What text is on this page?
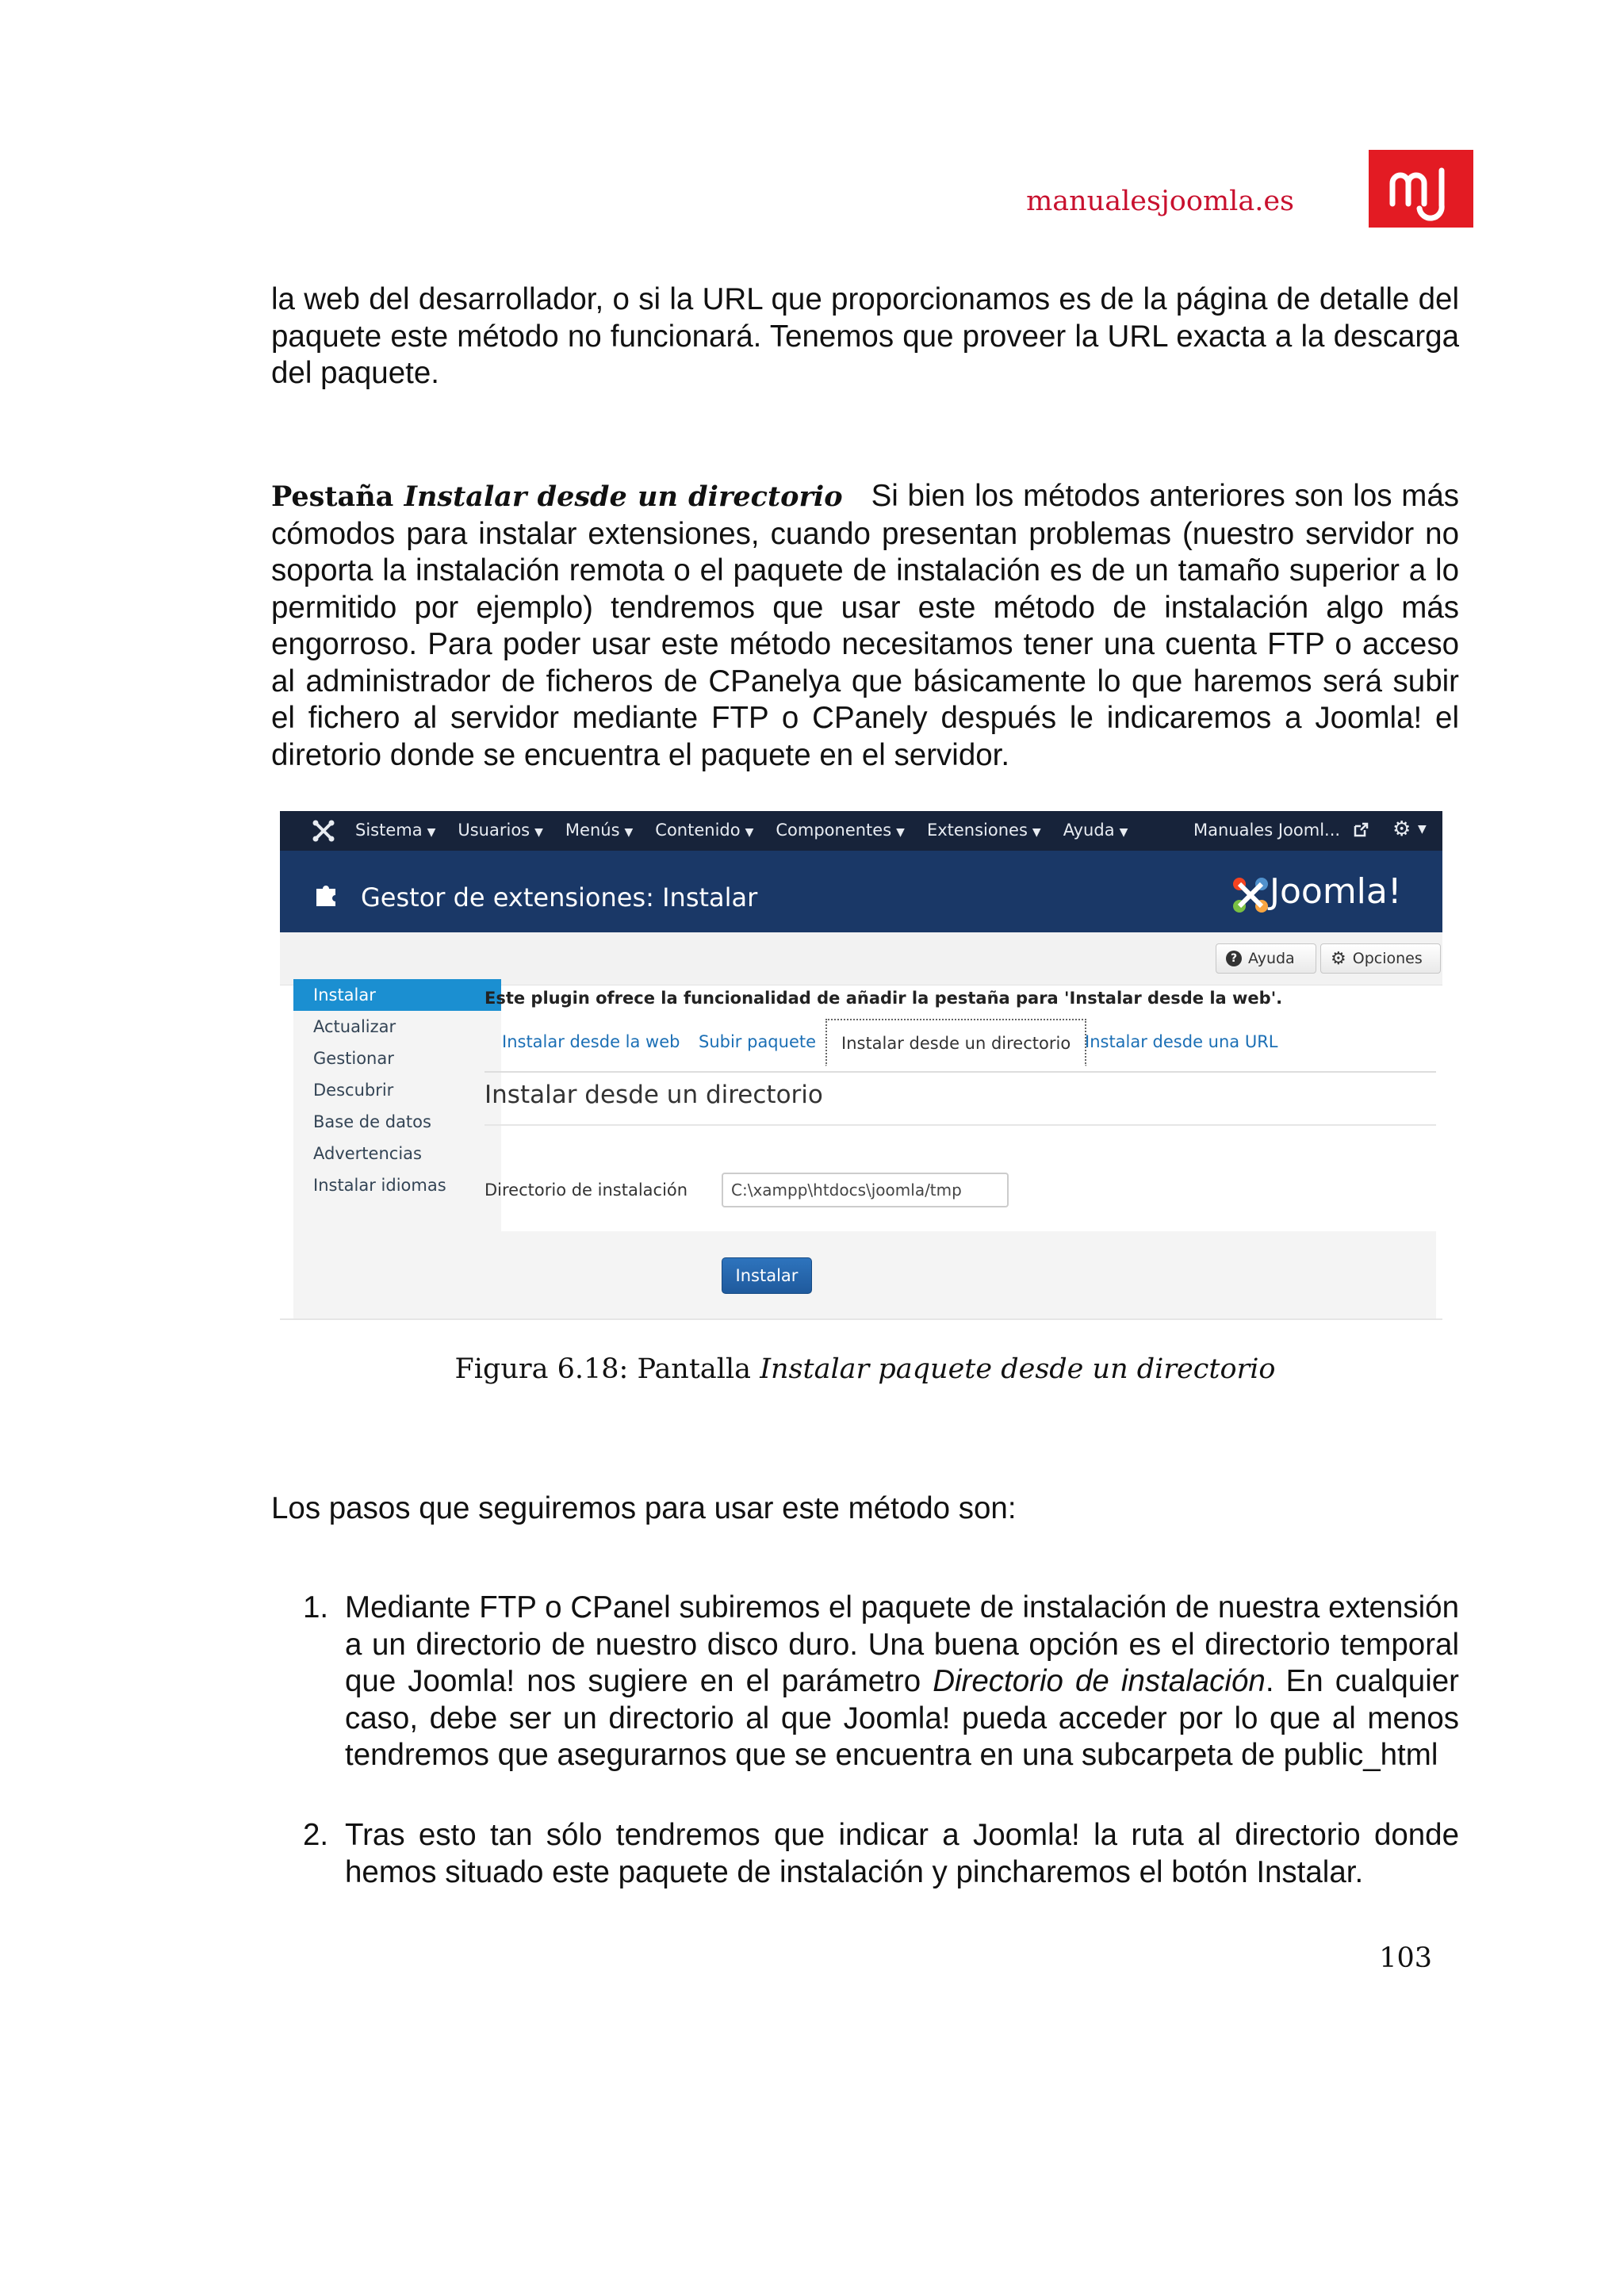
manualesjoomla.es
la web del desarrollador, o si la URL que proporcionamos es de la página de detalle del paquete este método no funcionará. Tenemos que proveer la URL exacta a la descarga del paquete.
Pestaña Instalar desde un directorio Si bien los métodos anteriores son los más cómodos para instalar extensiones, cuando presentan problemas (nuestro servidor no soporta la instalación remota o el paquete de instalación es de un tamaño superior a lo permitido por ejemplo) tendremos que usar este método de instalación algo más engorroso. Para poder usar este método necesitamos tener una cuenta FTP o acceso al administrador de ficheros de CPanelya que básicamente lo que haremos será subir el fichero al servidor mediante FTP o CPanely después le indicaremos a Joomla! el diretorio donde se encuentra el paquete en el servidor.
Sistema ▼ Usuarios ▼ Menús ▼ Contenido ▼ Componentes ▼ Extensiones ▼ Ayuda ▼	Manuales Jooml...	⚙ ▼
Gestor de extensiones: Instalar	Joomla!
? Ayuda ⚙ Opciones
Instalar
Actualizar
Gestionar
Descubrir
Base de datos
Advertencias
Instalar idiomas
Este plugin ofrece la funcionalidad de añadir la pestaña para 'Instalar desde la web'.
Instalar desde la web Subir paquete	Instalar desde un directorio Instalar desde una URL
Instalar desde un directorio
Directorio de instalación	C:\xampp\htdocs\joomla/tmp
Instalar
Figura 6.18: Pantalla Instalar paquete desde un directorio
Los pasos que seguiremos para usar este método son:
1. Mediante FTP o CPanel subiremos el paquete de instalación de nuestra extensión a un directorio de nuestro disco duro. Una buena opción es el directorio temporal que Joomla! nos sugiere en el parámetro Directorio de instalación. En cualquier caso, debe ser un directorio al que Joomla! pueda acceder por lo que al menos tendremos que asegurarnos que se encuentra en una subcarpeta de public_html
2. Tras esto tan sólo tendremos que indicar a Joomla! la ruta al directorio donde hemos situado este paquete de instalación y pincharemos el botón Instalar.
103
